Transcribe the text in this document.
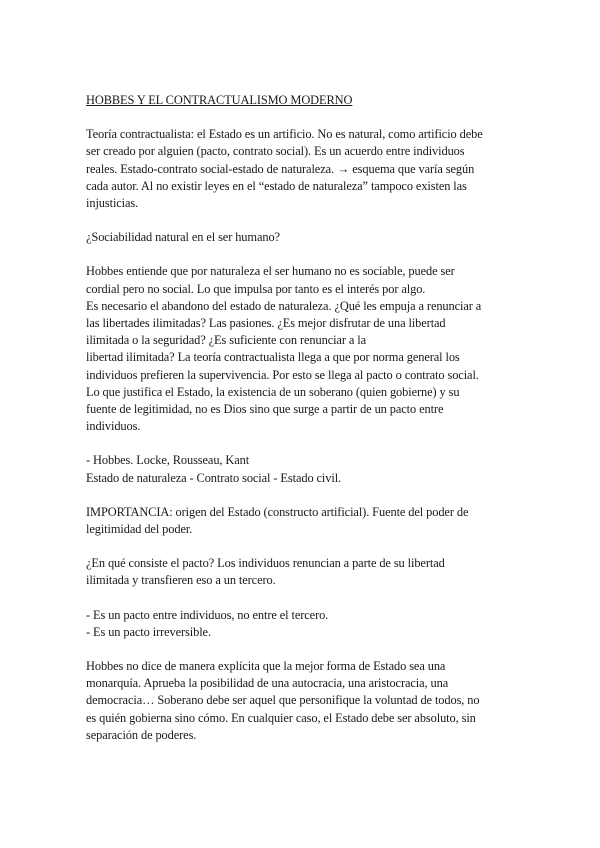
HOBBES Y EL CONTRACTUALISMO MODERNO
Teoría contractualista: el Estado es un artificio. No es natural, como artificio debe
ser creado por alguien (pacto, contrato social). Es un acuerdo entre individuos
reales. Estado-contrato social-estado de naturaleza. → esquema que varía según
cada autor. Al no existir leyes en el “estado de naturaleza” tampoco existen las
injusticias.
¿Sociabilidad natural en el ser humano?
Hobbes entiende que por naturaleza el ser humano no es sociable, puede ser
cordial pero no social. Lo que impulsa por tanto es el interés por algo.
Es necesario el abandono del estado de naturaleza. ¿Qué les empuja a renunciar a
las libertades ilimitadas? Las pasiones. ¿Es mejor disfrutar de una libertad
ilimitada o la seguridad? ¿Es suficiente con renunciar a la
libertad ilimitada? La teoría contractualista llega a que por norma general los
individuos prefieren la supervivencia. Por esto se llega al pacto o contrato social.
Lo que justifica el Estado, la existencia de un soberano (quien gobierne) y su
fuente de legitimidad, no es Dios sino que surge a partir de un pacto entre
individuos.
- Hobbes. Locke, Rousseau, Kant
Estado de naturaleza - Contrato social - Estado civil.
IMPORTANCIA: origen del Estado (constructo artificial). Fuente del poder de
legitimidad del poder.
¿En qué consiste el pacto? Los individuos renuncian a parte de su libertad
ilimitada y transfieren eso a un tercero.
- Es un pacto entre individuos, no entre el tercero.
- Es un pacto irreversible.
Hobbes no dice de manera explícita que la mejor forma de Estado sea una
monarquía. Aprueba la posibilidad de una autocracia, una aristocracia, una
democracia… Soberano debe ser aquel que personifique la voluntad de todos, no
es quién gobierna sino cómo. En cualquier caso, el Estado debe ser absoluto, sin
separación de poderes.
